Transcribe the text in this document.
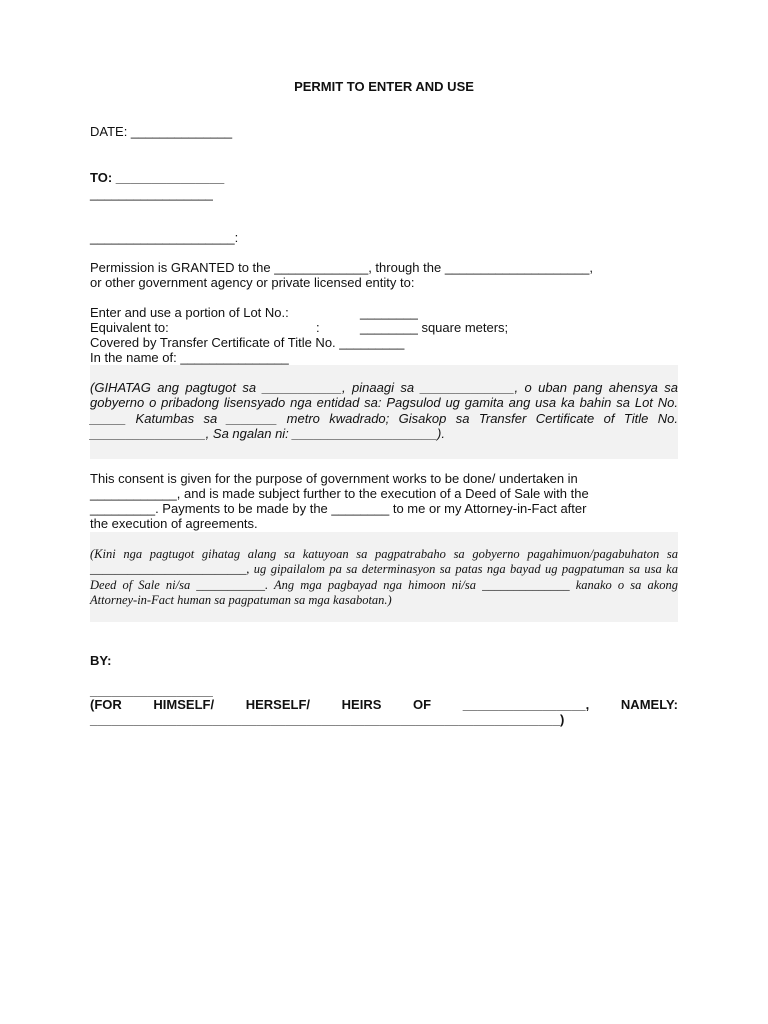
PERMIT TO ENTER AND USE
DATE: ______________
TO: _______________
_________________
____________________:
Permission is GRANTED to the _____________, through the ____________________,
or other government agency or private licensed entity to:
Enter and use a portion of Lot No.:	________
Equivalent to:	:	________ square meters;
Covered by Transfer Certificate of Title No. _________
In the name of: _______________
(GIHATAG ang pagtugot sa ___________, pinaagi sa _____________, o uban pang ahensya sa gobyerno o pribadong lisensyado nga entidad sa: Pagsulod ug gamita ang usa ka bahin sa Lot No. _____ Katumbas sa _______ metro kwadrado; Gisakop sa Transfer Certificate of Title No. ________________, Sa ngalan ni: ____________________).
This consent is given for the purpose of government works to be done/ undertaken in
____________, and is made subject further to the execution of a Deed of Sale with the
_________. Payments to be made by the ________ to me or my Attorney-in-Fact after
the execution of agreements.
(Kini nga pagtugot gihatag alang sa katuyoan sa pagpatrabaho sa gobyerno pagahimuon/pagabuhaton sa _________________________, ug gipailalom pa sa determinasyon sa patas nga bayad ug pagpatuman sa usa ka Deed of Sale ni/sa ___________. Ang mga pagbayad nga himoon ni/sa ______________ kanako o sa akong Attorney-in-Fact human sa pagpatuman sa mga kasabotan.)
BY:
_________________
(FOR HIMSELF/ HERSELF/ HEIRS OF _________________, NAMELY:
_________________________________________________________________)
